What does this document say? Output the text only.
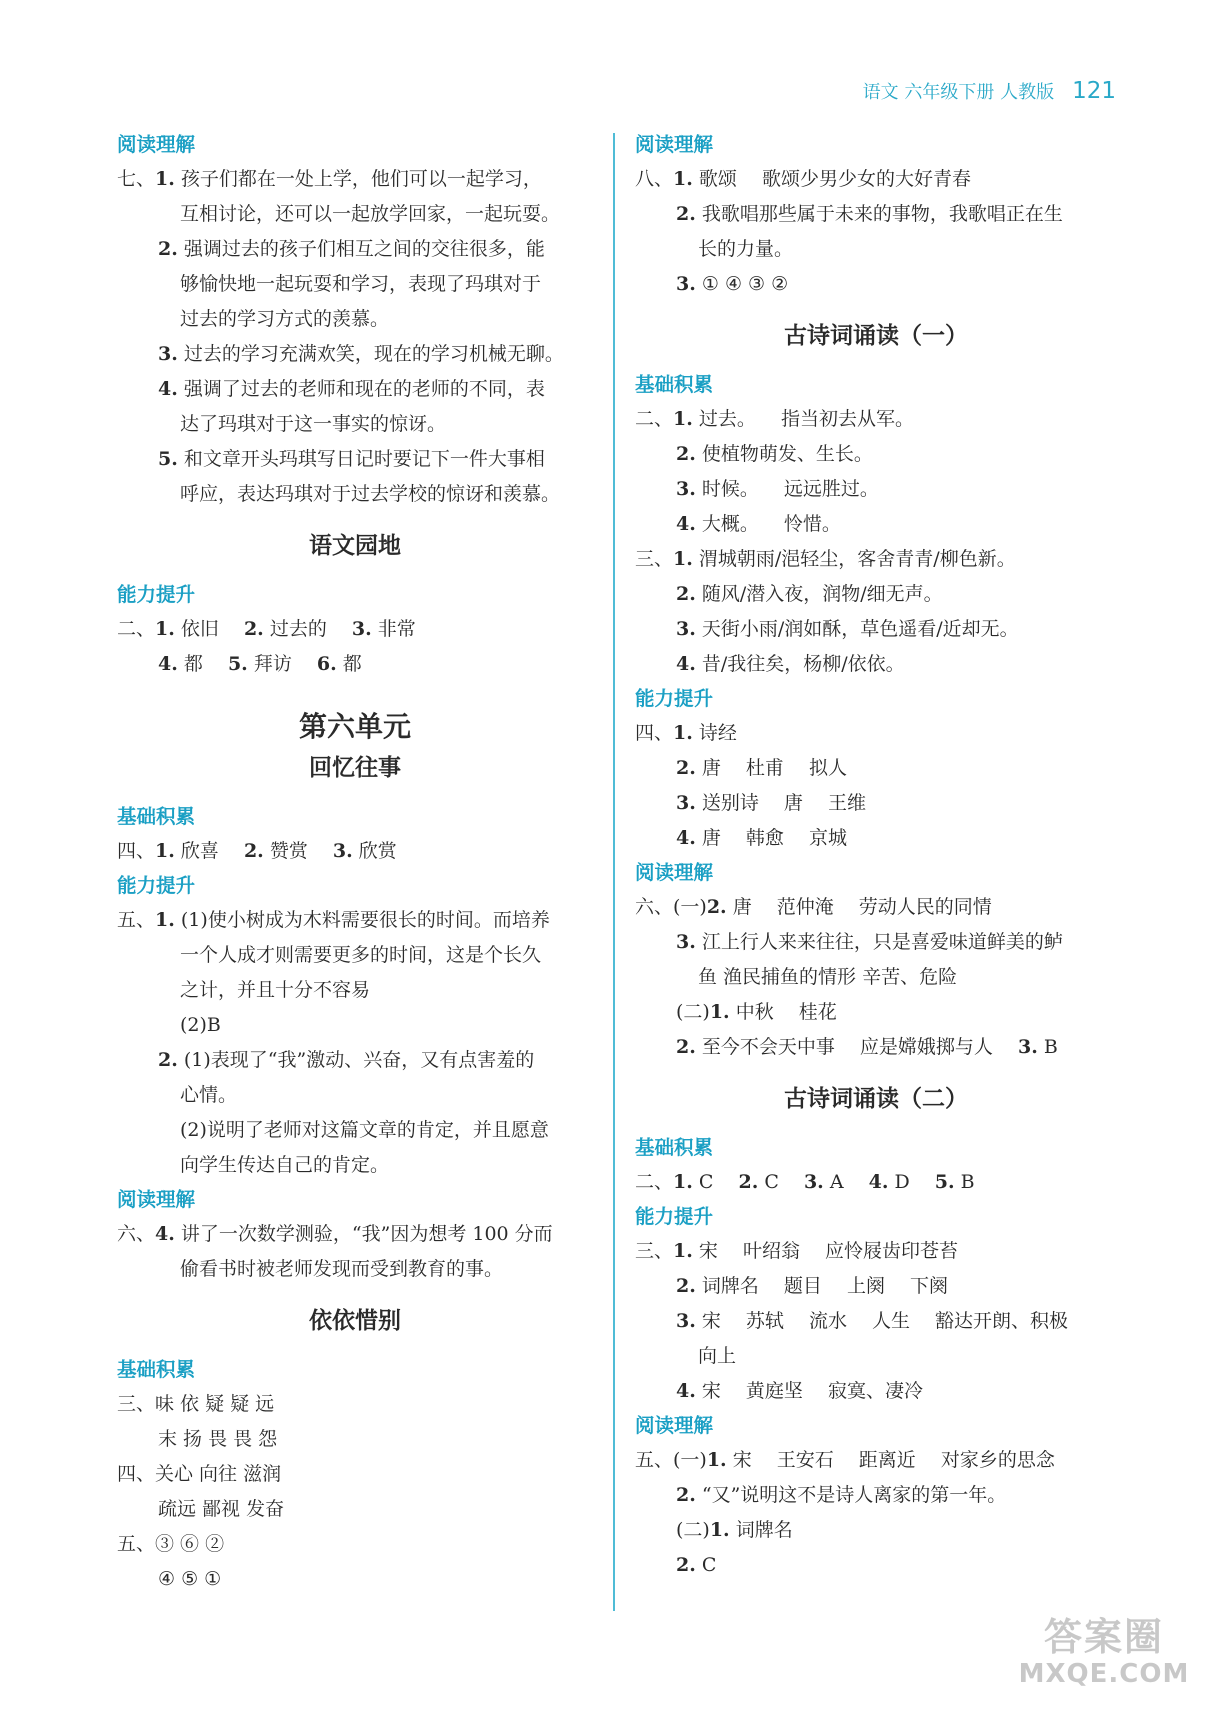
语文 六年级下册 人教版 121
阅读理解
七、1. 孩子们都在一处上学，他们可以一起学习，
互相讨论，还可以一起放学回家，一起玩耍。
2. 强调过去的孩子们相互之间的交往很多，能
够愉快地一起玩耍和学习，表现了玛琪对于
过去的学习方式的羡慕。
3. 过去的学习充满欢笑，现在的学习机械无聊。
4. 强调了过去的老师和现在的老师的不同，表
达了玛琪对于这一事实的惊讶。
5. 和文章开头玛琪写日记时要记下一件大事相
呼应，表达玛琪对于过去学校的惊讶和羡慕。
语文园地
能力提升
二、1. 依旧  2. 过去的  3. 非常
4. 都  5. 拜访  6. 都
第六单元
回忆往事
基础积累
四、1. 欣喜  2. 赞赏  3. 欣赏
能力提升
五、1. (1)使小树成为木料需要很长的时间。而培养
一个人成才则需要更多的时间，这是个长久
之计，并且十分不容易
(2)B
2. (1)表现了“我”激动、兴奋，又有点害羞的
心情。
(2)说明了老师对这篇文章的肯定，并且愿意
向学生传达自己的肯定。
阅读理解
六、4. 讲了一次数学测验，“我”因为想考 100 分而
偷看书时被老师发现而受到教育的事。
依依惜别
基础积累
三、味 依 疑 疑 远
末 扬 畏 畏 怨
四、关心 向往 滋润
疏远 鄙视 发奋
五、③ ⑥ ②
④ ⑤ ①
阅读理解
八、1. 歌颂  歌颂少男少女的大好青春
2. 我歌唱那些属于未来的事物，我歌唱正在生
长的力量。
3. ① ④ ③ ②
古诗词诵读（一）
基础积累
二、1. 过去。  指当初去从军。
2. 使植物萌发、生长。
3. 时候。  远远胜过。
4. 大概。  怜惜。
三、1. 渭城朝雨/浥轻尘，客舍青青/柳色新。
2. 随风/潜入夜，润物/细无声。
3. 天街小雨/润如酥，草色遥看/近却无。
4. 昔/我往矣，杨柳/依依。
能力提升
四、1. 诗经
2. 唐  杜甫  拟人
3. 送别诗  唐  王维
4. 唐  韩愈  京城
阅读理解
六、(一)2. 唐  范仲淹  劳动人民的同情
3. 江上行人来来往往，只是喜爱味道鲜美的鲈
鱼 渔民捕鱼的情形 辛苦、危险
(二)1. 中秋  桂花
2. 至今不会天中事  应是嫦娥掷与人  3. B
古诗词诵读（二）
基础积累
二、1. C  2. C  3. A  4. D  5. B
能力提升
三、1. 宋  叶绍翁  应怜屐齿印苍苔
2. 词牌名  题目  上阕  下阕
3. 宋  苏轼  流水  人生  豁达开朗、积极
向上
4. 宋  黄庭坚  寂寞、凄冷
阅读理解
五、(一)1. 宋  王安石  距离近  对家乡的思念
2. “又”说明这不是诗人离家的第一年。
(二)1. 词牌名
2. C
答案圈
MXQE.COM
